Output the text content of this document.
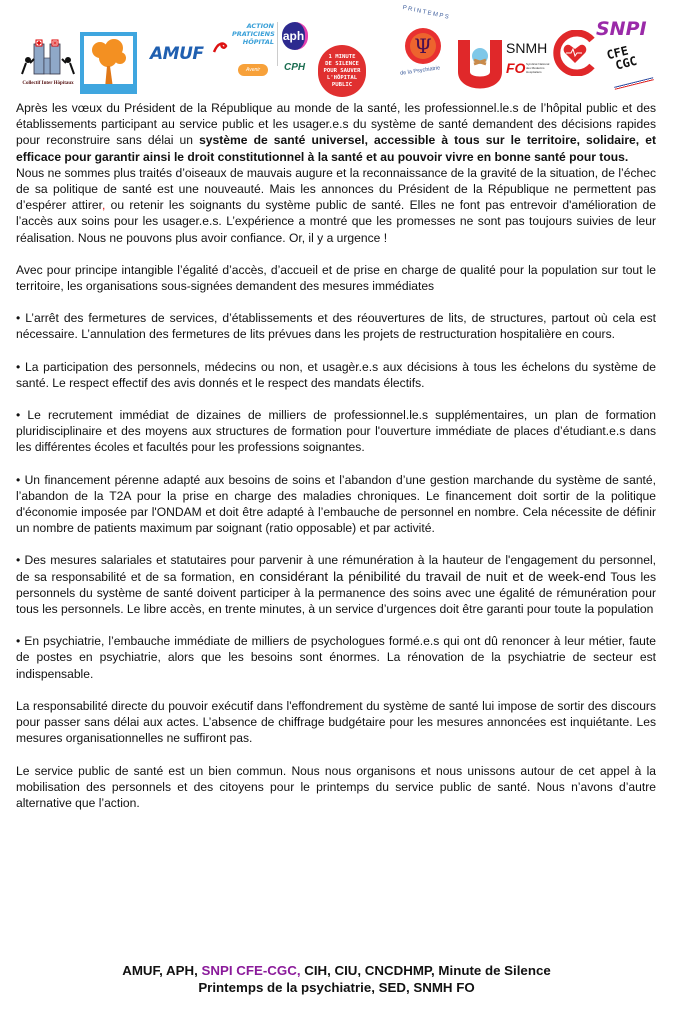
Collectif Inter Hôpitaux
AMUF
ACTION
PRATICIENS
HÔPITAL aph
Avenir	CPH
1 MINUTE
DE SILENCE
POUR SAUVER
L'HÔPITAL
PUBLIC
PRINTEMPS
Ψ
de la Psychiatrie
SNMH
FO Syndicat National des Médecins Hospitaliers
SNPI
CFE
CGC

Après les vœux du Président de la République au monde de la santé, les professionnel.le.s de l’hôpital public et des établissements participant au service public et les usager.e.s du système de santé demandent des décisions rapides pour reconstruire sans délai un système de santé universel, accessible à tous sur le territoire, solidaire, et efficace pour garantir ainsi le droit constitutionnel à la santé et au pouvoir vivre en bonne santé pour tous.

Nous ne sommes plus traités d’oiseaux de mauvais augure et la reconnaissance de la gravité de la situation, de l’échec de sa politique de santé est une nouveauté. Mais les annonces du Président de la République ne permettent pas d’espérer attirer, ou retenir les soignants du système public de santé. Elles ne font pas entrevoir d'amélioration de l’accès aux soins pour les usager.e.s. L’expérience a montré que les promesses ne sont pas toujours suivies de leur réalisation. Nous ne pouvons plus avoir confiance. Or, il y a urgence !

Avec pour principe intangible l’égalité d’accès, d’accueil et de prise en charge de qualité pour la population sur tout le territoire, les organisations sous-signées demandent des mesures immédiates

• L’arrêt des fermetures de services, d’établissements et des réouvertures de lits, de structures, partout où cela est nécessaire. L’annulation des fermetures de lits prévues dans les projets de restructuration hospitalière en cours.

• La participation des personnels, médecins ou non, et usagèr.e.s aux décisions à tous les échelons du système de santé. Le respect effectif des avis donnés et le respect des mandats électifs.

• Le recrutement immédiat de dizaines de milliers de professionnel.le.s supplémentaires, un plan de formation pluridisciplinaire et des moyens aux structures de formation pour l'ouverture immédiate de places d’étudiant.e.s dans les différentes écoles et facultés pour les professions soignantes.

• Un financement pérenne adapté aux besoins de soins et l’abandon d’une gestion marchande du système de santé, l’abandon de la T2A pour la prise en charge des maladies chroniques. Le financement doit sortir de la politique d'économie imposée par l'ONDAM et doit être adapté à l’embauche de personnel en nombre. Cela nécessite de définir un nombre de patients maximum par soignant (ratio opposable) et par activité.

• Des mesures salariales et statutaires pour parvenir à une rémunération à la hauteur de l'engagement du personnel, de sa responsabilité et de sa formation, en considérant la pénibilité du travail de nuit et de week-end Tous les personnels du système de santé doivent participer à la permanence des soins avec une égalité de rémunération pour tous les personnels. Le libre accès, en trente minutes, à un service d’urgences doit être garanti pour toute la population

• En psychiatrie, l’embauche immédiate de milliers de psychologues formé.e.s qui ont dû renoncer à leur métier, faute de postes en psychiatrie, alors que les besoins sont énormes. La rénovation de la psychiatrie de secteur est indispensable.

La responsabilité directe du pouvoir exécutif dans l'effondrement du système de santé lui impose de sortir des discours pour passer sans délai aux actes. L’absence de chiffrage budgétaire pour les mesures annoncées est inquiétante. Les mesures organisationnelles ne suffiront pas.

Le service public de santé est un bien commun. Nous nous organisons et nous unissons autour de cet appel à la mobilisation des personnels et des citoyens pour le printemps du service public de santé. Nous n’avons d’autre alternative que l’action.

AMUF, APH, SNPI CFE-CGC, CIH, CIU, CNCDHMP, Minute de Silence
Printemps de la psychiatrie, SED, SNMH FO
